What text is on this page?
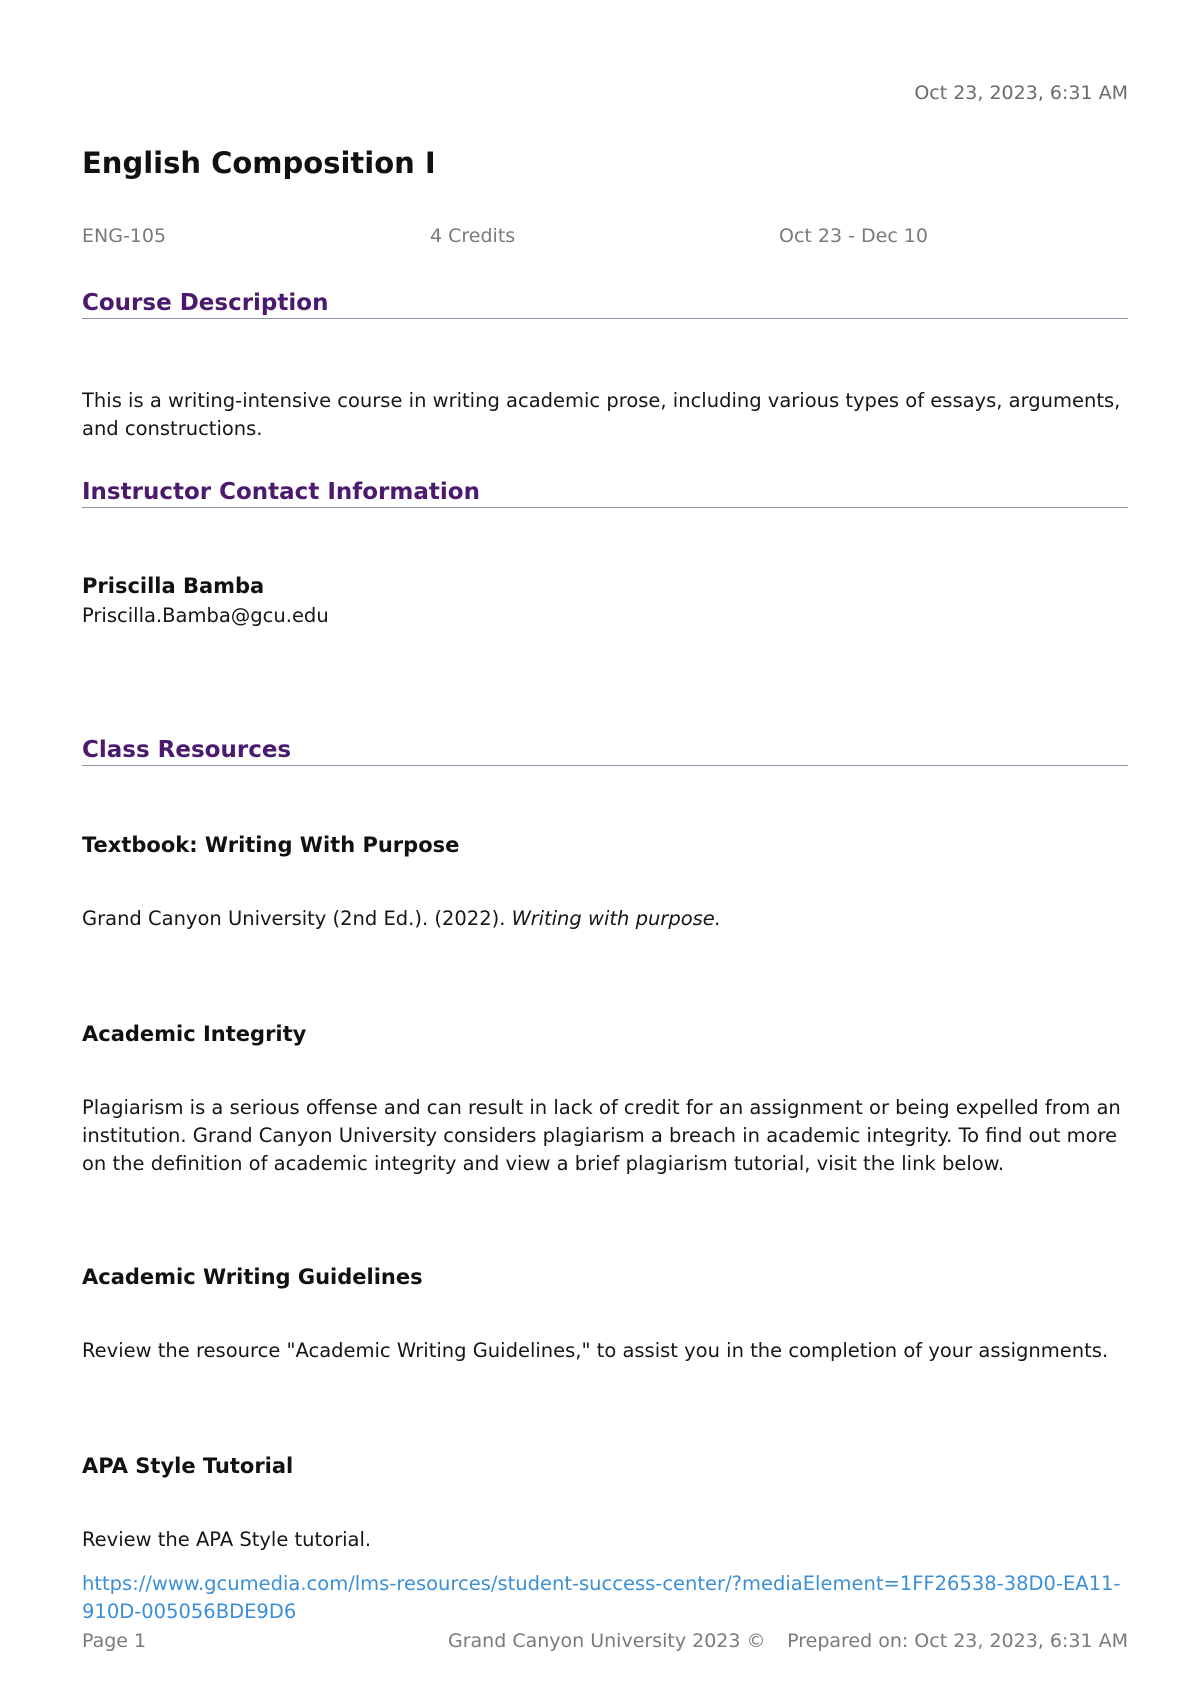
Oct 23, 2023, 6:31 AM
English Composition I
ENG-105	4 Credits	Oct 23 - Dec 10
Course Description

This is a writing-intensive course in writing academic prose, including various types of essays, arguments, and constructions.

Instructor Contact Information
Priscilla Bamba
Priscilla.Bamba@gcu.edu
Class Resources
Textbook: Writing With Purpose

Grand Canyon University (2nd Ed.). (2022). Writing with purpose.

Academic Integrity

Plagiarism is a serious offense and can result in lack of credit for an assignment or being expelled from an institution. Grand Canyon University considers plagiarism a breach in academic integrity. To find out more on the definition of academic integrity and view a brief plagiarism tutorial, visit the link below.

Academic Writing Guidelines

Review the resource "Academic Writing Guidelines," to assist you in the completion of your assignments.

APA Style Tutorial

Review the APA Style tutorial.

https://www.gcumedia.com/lms-resources/student-success-center/?mediaElement=1FF26538-38D0-EA11-910D-005056BDE9D6
Page 1	Grand Canyon University 2023 © Prepared on: Oct 23, 2023, 6:31 AM
